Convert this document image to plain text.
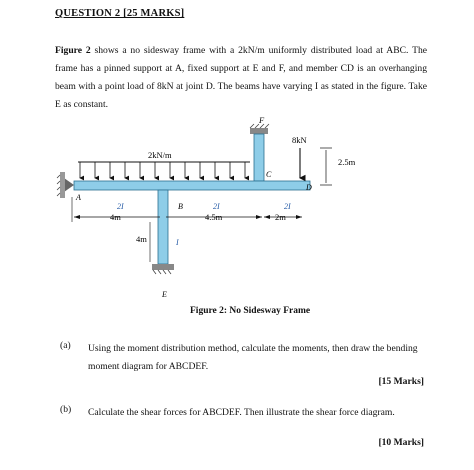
QUESTION 2 [25 MARKS]
Figure 2 shows a no sidesway frame with a 2kN/m uniformly distributed load at ABC. The frame has a pinned support at A, fixed support at E and F, and member CD is an overhanging beam with a point load of 8kN at joint D. The beams have varying I as stated in the figure. Take E as constant.
F
2kN/m
8kN
2.5m
A
B
C
D
E
2I	2I	2I
I
4m	4.5m	2m
4m
Figure 2: No Sidesway Frame
(a) Using the moment distribution method, calculate the moments, then draw the bending moment diagram for ABCDEF.
[15 Marks]
(b) Calculate the shear forces for ABCDEF. Then illustrate the shear force diagram.
[10 Marks]
